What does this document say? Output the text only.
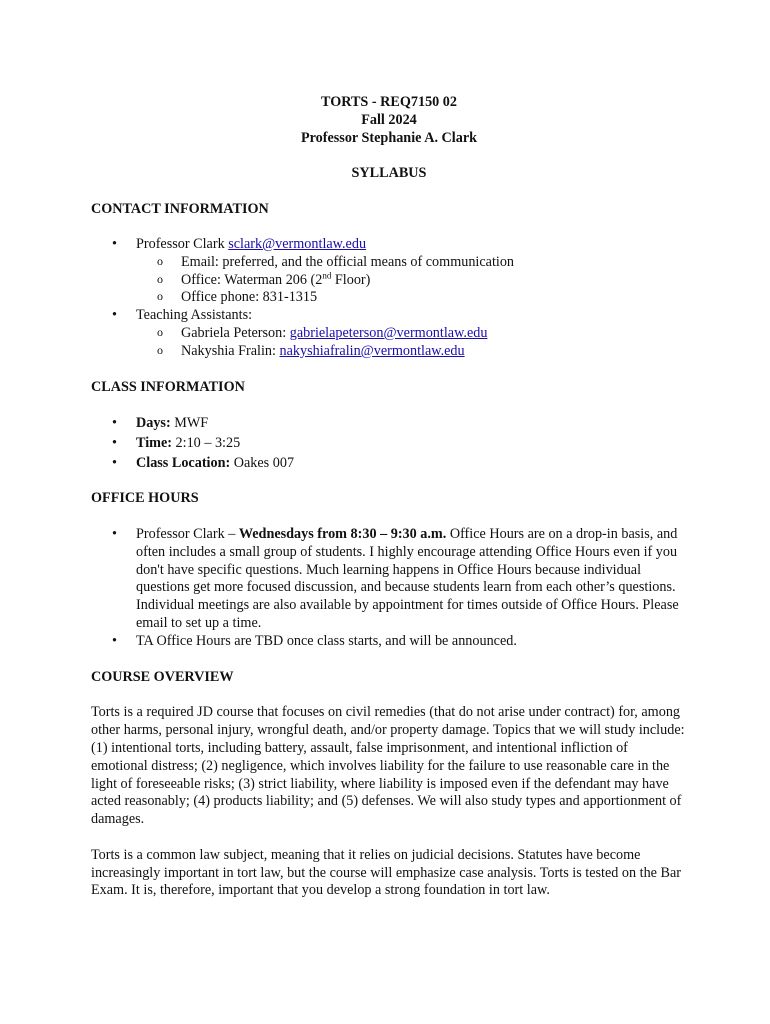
TORTS - REQ7150 02
Fall 2024
Professor Stephanie A. Clark
SYLLABUS
CONTACT INFORMATION
• Professor Clark sclark@vermontlaw.edu
o Email: preferred, and the official means of communication
o Office: Waterman 206 (2nd Floor)
o Office phone: 831-1315
• Teaching Assistants:
o Gabriela Peterson: gabrielapeterson@vermontlaw.edu
o Nakyshia Fralin: nakyshiafralin@vermontlaw.edu
CLASS INFORMATION
• Days: MWF
• Time: 2:10 – 3:25
• Class Location: Oakes 007
OFFICE HOURS
• Professor Clark – Wednesdays from 8:30 – 9:30 a.m. Office Hours are on a drop-in basis, and often includes a small group of students. I highly encourage attending Office Hours even if you don't have specific questions. Much learning happens in Office Hours because individual questions get more focused discussion, and because students learn from each other’s questions. Individual meetings are also available by appointment for times outside of Office Hours. Please email to set up a time.
• TA Office Hours are TBD once class starts, and will be announced.
COURSE OVERVIEW

Torts is a required JD course that focuses on civil remedies (that do not arise under contract) for, among other harms, personal injury, wrongful death, and/or property damage. Topics that we will study include: (1) intentional torts, including battery, assault, false imprisonment, and intentional infliction of emotional distress; (2) negligence, which involves liability for the failure to use reasonable care in the light of foreseeable risks; (3) strict liability, where liability is imposed even if the defendant may have acted reasonably; (4) products liability; and (5) defenses. We will also study types and apportionment of damages.

Torts is a common law subject, meaning that it relies on judicial decisions. Statutes have become increasingly important in tort law, but the course will emphasize case analysis. Torts is tested on the Bar Exam. It is, therefore, important that you develop a strong foundation in tort law.
